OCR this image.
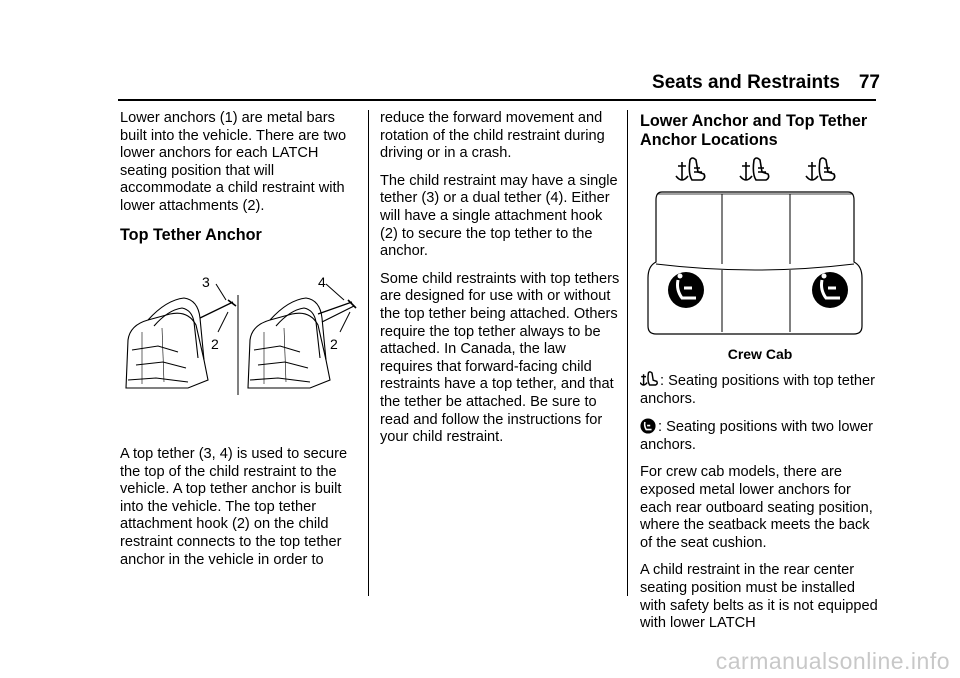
Seats and Restraints 77

Lower anchors (1) are metal bars built into the vehicle. There are two lower anchors for each LATCH seating position that will accommodate a child restraint with lower attachments (2).

Top Tether Anchor
3
2
4
2

A top tether (3, 4) is used to secure the top of the child restraint to the vehicle. A top tether anchor is built into the vehicle. The top tether attachment hook (2) on the child restraint connects to the top tether anchor in the vehicle in order to

reduce the forward movement and rotation of the child restraint during driving or in a crash.

The child restraint may have a single tether (3) or a dual tether (4). Either will have a single attachment hook (2) to secure the top tether to the anchor.

Some child restraints with top tethers are designed for use with or without the top tether being attached. Others require the top tether always to be attached. In Canada, the law requires that forward-facing child restraints have a top tether, and that the tether be attached. Be sure to read and follow the instructions for your child restraint.

Lower Anchor and Top Tether Anchor Locations
Crew Cab

: Seating positions with top tether anchors.

: Seating positions with two lower anchors.

For crew cab models, there are exposed metal lower anchors for each rear outboard seating position, where the seatback meets the back of the seat cushion.

A child restraint in the rear center seating position must be installed with safety belts as it is not equipped with lower LATCH

carmanualsonline.info
